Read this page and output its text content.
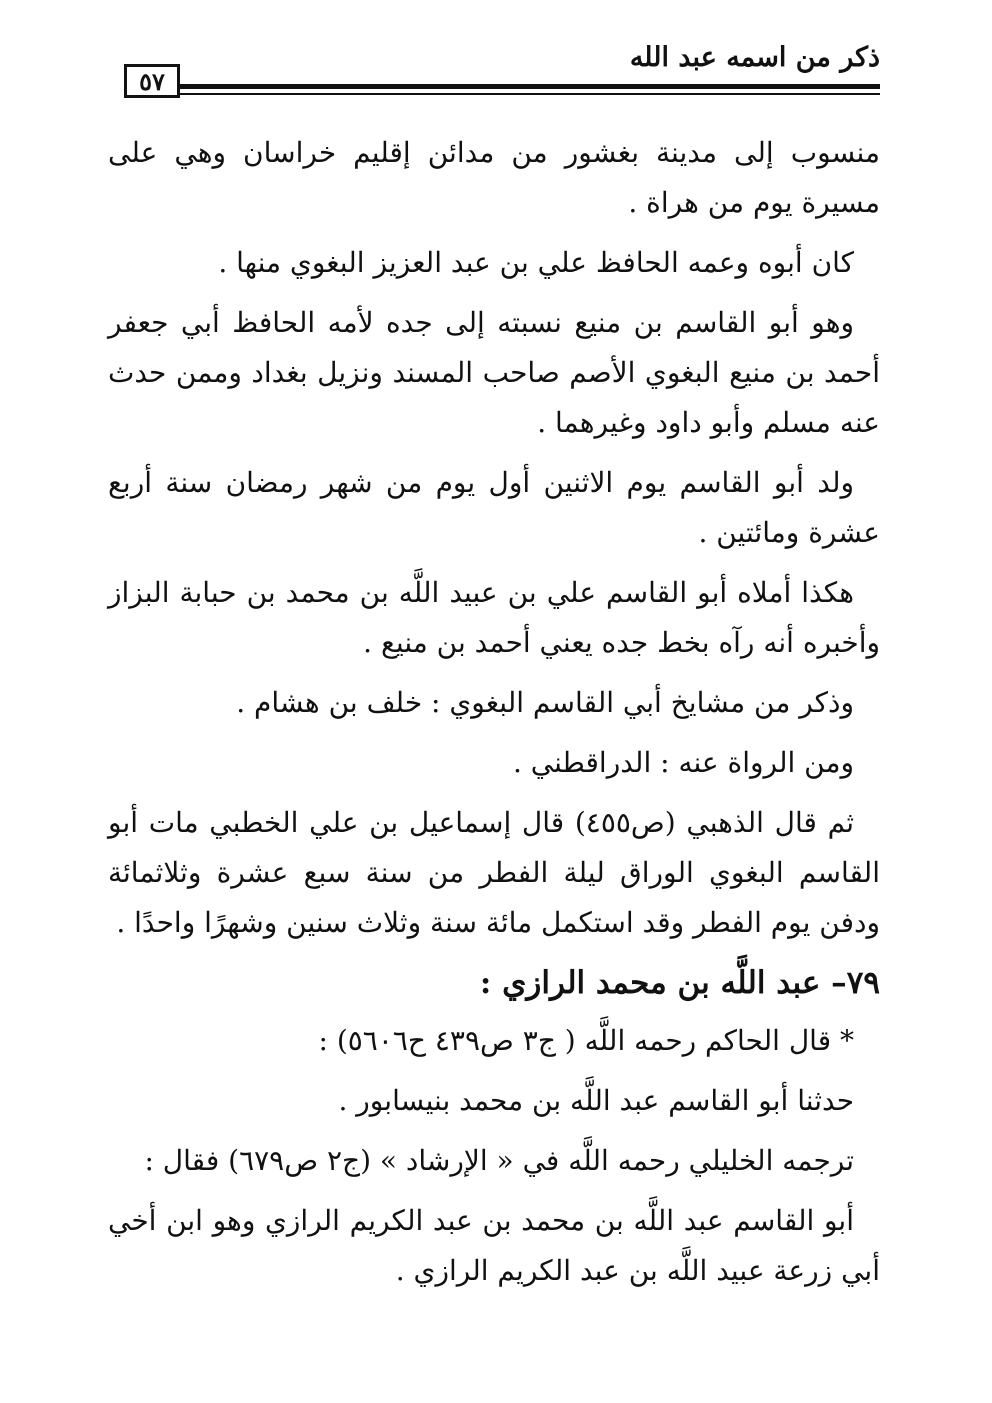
ذكر من اسمه عبد الله
٥٧

منسوب إلى مدينة بغشور من مدائن إقليم خراسان وهي على مسيرة يوم من هراة .

كان أبوه وعمه الحافظ علي بن عبد العزيز البغوي منها .

وهو أبو القاسم بن منيع نسبته إلى جده لأمه الحافظ أبي جعفر أحمد بن منيع البغوي الأصم صاحب المسند ونزيل بغداد وممن حدث عنه مسلم وأبو داود وغيرهما .

ولد أبو القاسم يوم الاثنين أول يوم من شهر رمضان سنة أربع عشرة ومائتين .

هكذا أملاه أبو القاسم علي بن عبيد اللَّه بن محمد بن حبابة البزاز وأخبره أنه رآه بخط جده يعني أحمد بن منيع .

وذكر من مشايخ أبي القاسم البغوي : خلف بن هشام .

ومن الرواة عنه : الدراقطني .

ثم قال الذهبي (ص٤٥٥) قال إسماعيل بن علي الخطبي مات أبو القاسم البغوي الوراق ليلة الفطر من سنة سبع عشرة وثلاثمائة ودفن يوم الفطر وقد استكمل مائة سنة وثلاث سنين وشهرًا واحدًا .

٧٩– عبد اللَّه بن محمد الرازي :

* قال الحاكم رحمه اللَّه ( ج٣ ص٤٣٩ ح٥٦٠٦) :

حدثنا أبو القاسم عبد اللَّه بن محمد بنيسابور .

ترجمه الخليلي رحمه اللَّه في « الإرشاد » (ج٢ ص٦٧٩) فقال :

أبو القاسم عبد اللَّه بن محمد بن عبد الكريم الرازي وهو ابن أخي أبي زرعة عبيد اللَّه بن عبد الكريم الرازي .
